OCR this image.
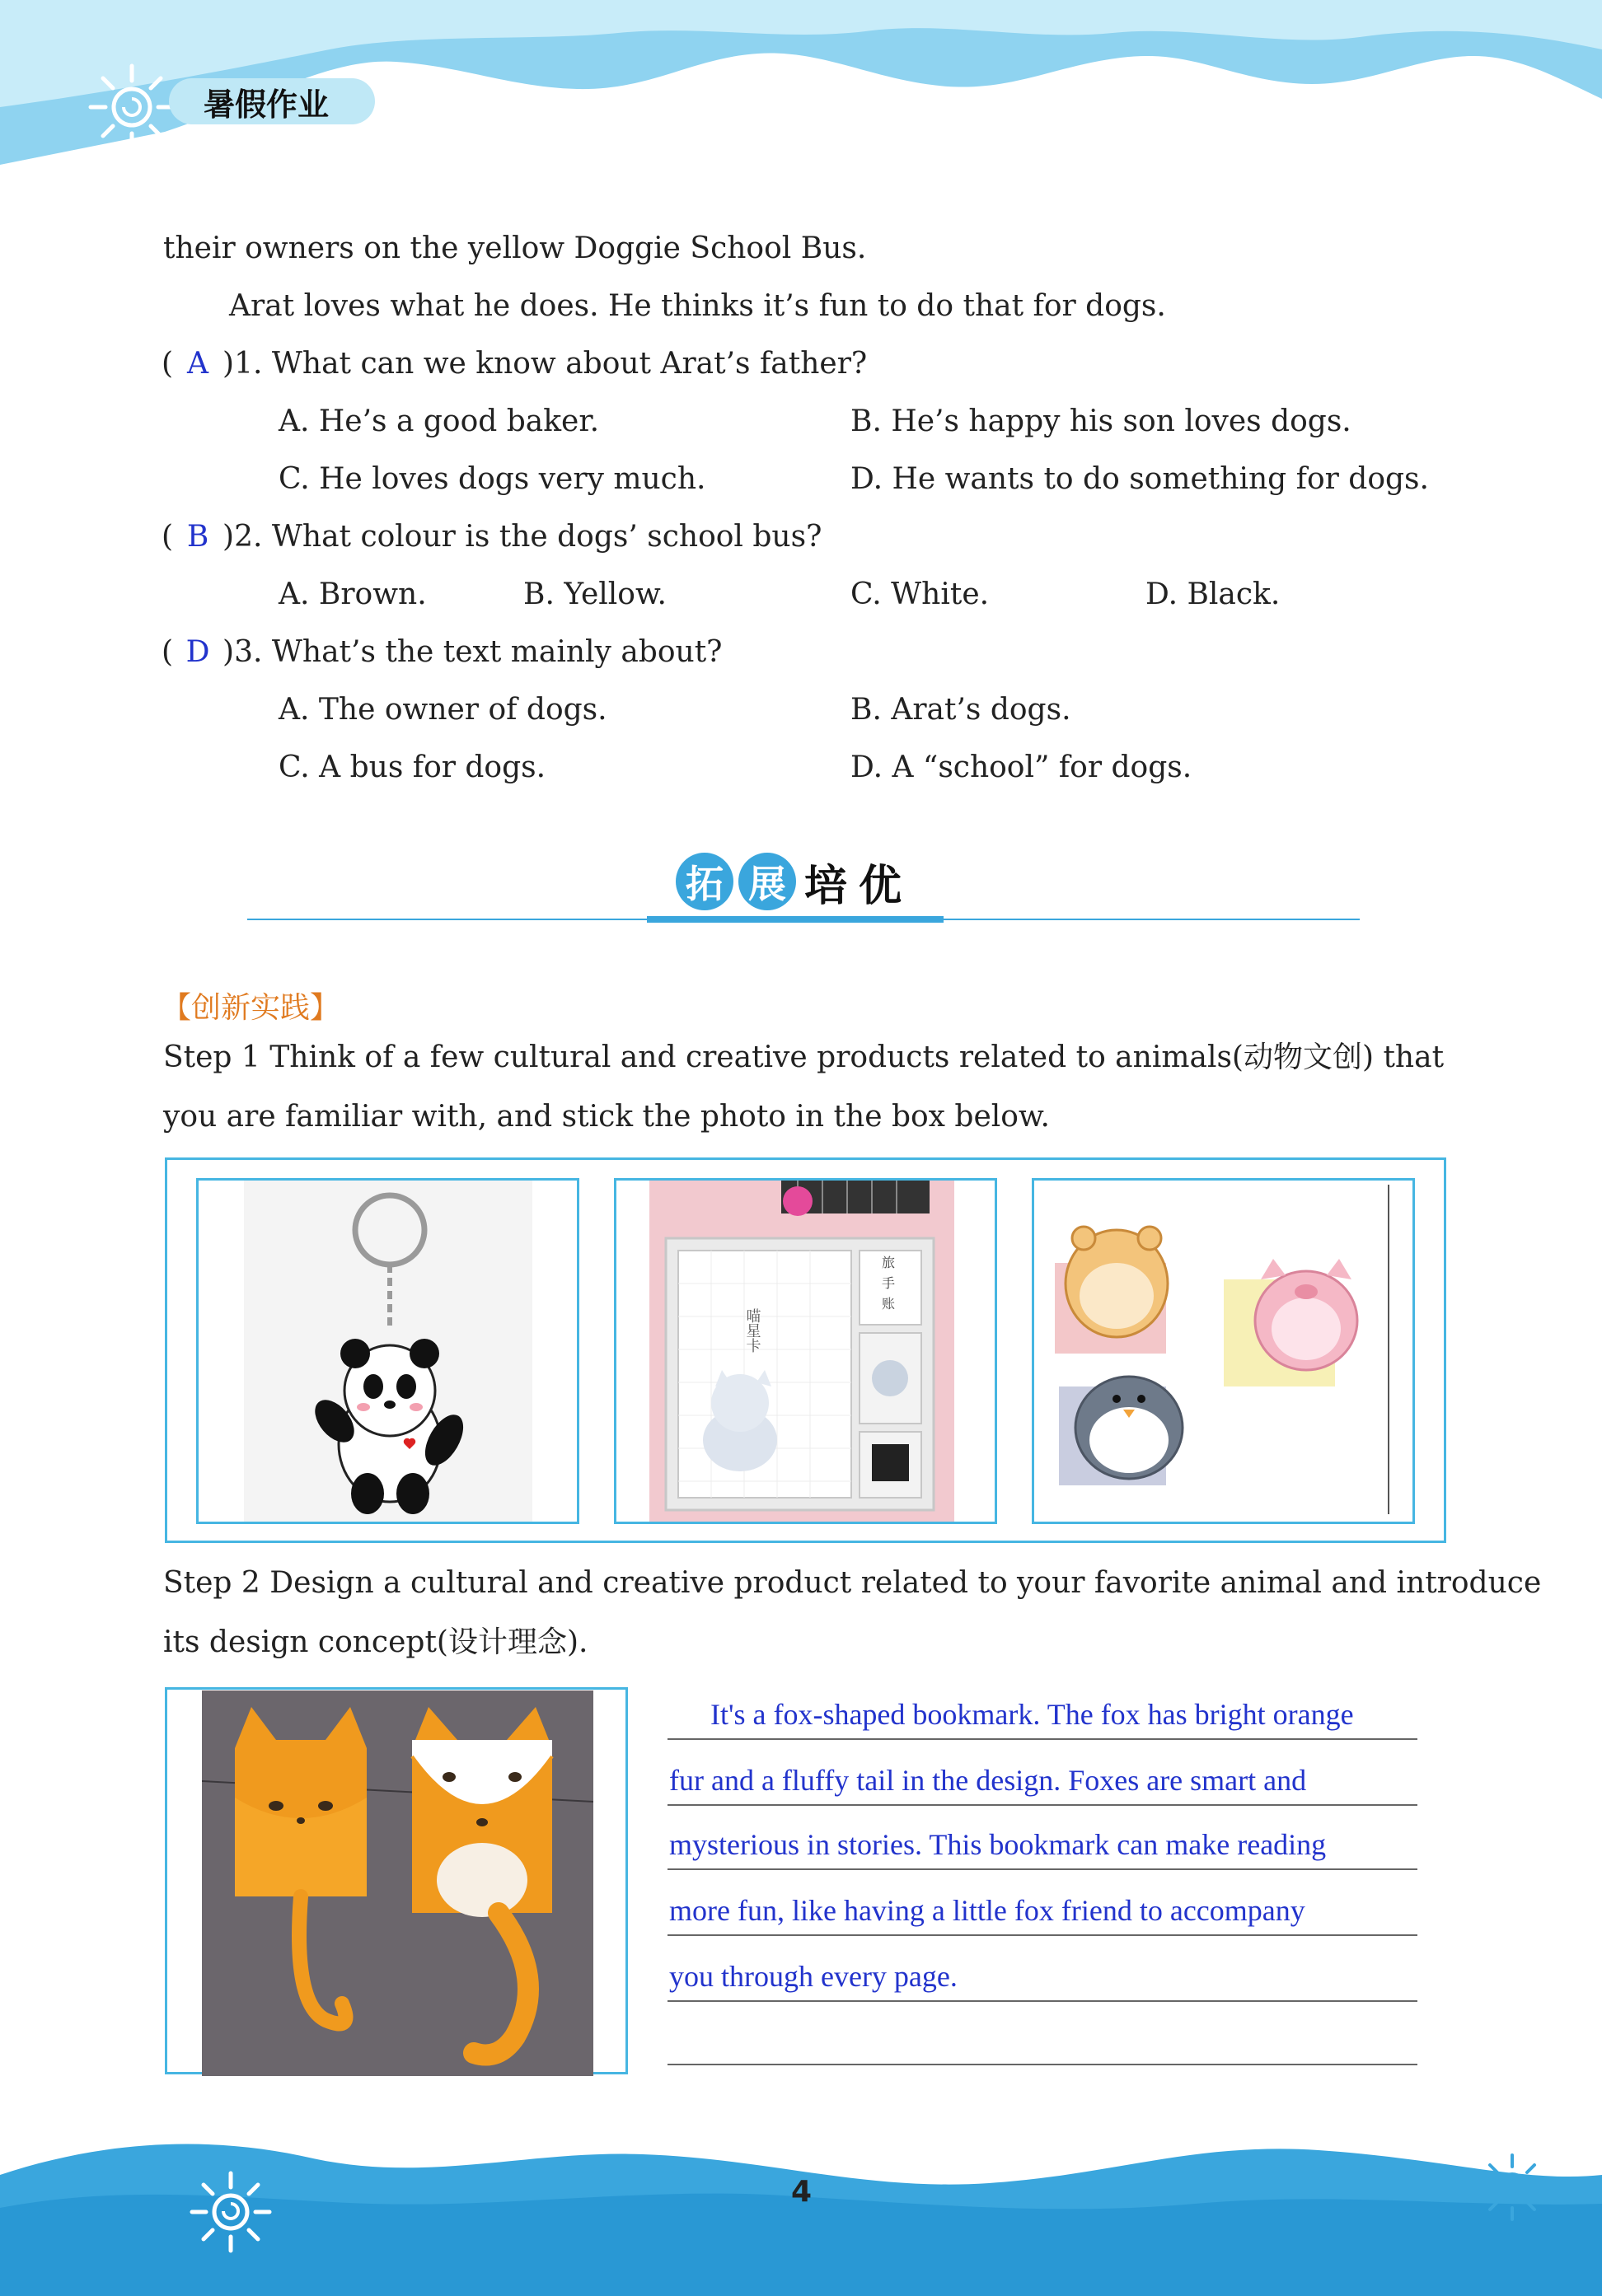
暑假作业
their owners on the yellow Doggie School Bus.
Arat loves what he does. He thinks it’s fun to do that for dogs.
( A )1. What can we know about Arat’s father?
A. He’s a good baker.	B. He’s happy his son loves dogs.
C. He loves dogs very much.	D. He wants to do something for dogs.
( B )2. What colour is the dogs’ school bus?
A. Brown.	B. Yellow.	C. White.	D. Black.
( D )3. What’s the text mainly about?
A. The owner of dogs.	B. Arat’s dogs.
C. A bus for dogs.	D. A “school” for dogs.
拓 展 培 优
【创新实践】
Step 1 Think of a few cultural and creative products related to animals(动物文创) that
you are familiar with, and stick the photo in the box below.
喵星卡
旅
手
账
Step 2 Design a cultural and creative product related to your favorite animal and introduce
its design concept(设计理念).
It's a fox-shaped bookmark. The fox has bright orange
fur and a fluffy tail in the design. Foxes are smart and
mysterious in stories. This bookmark can make reading
more fun, like having a little fox friend to accompany
you through every page.
4
